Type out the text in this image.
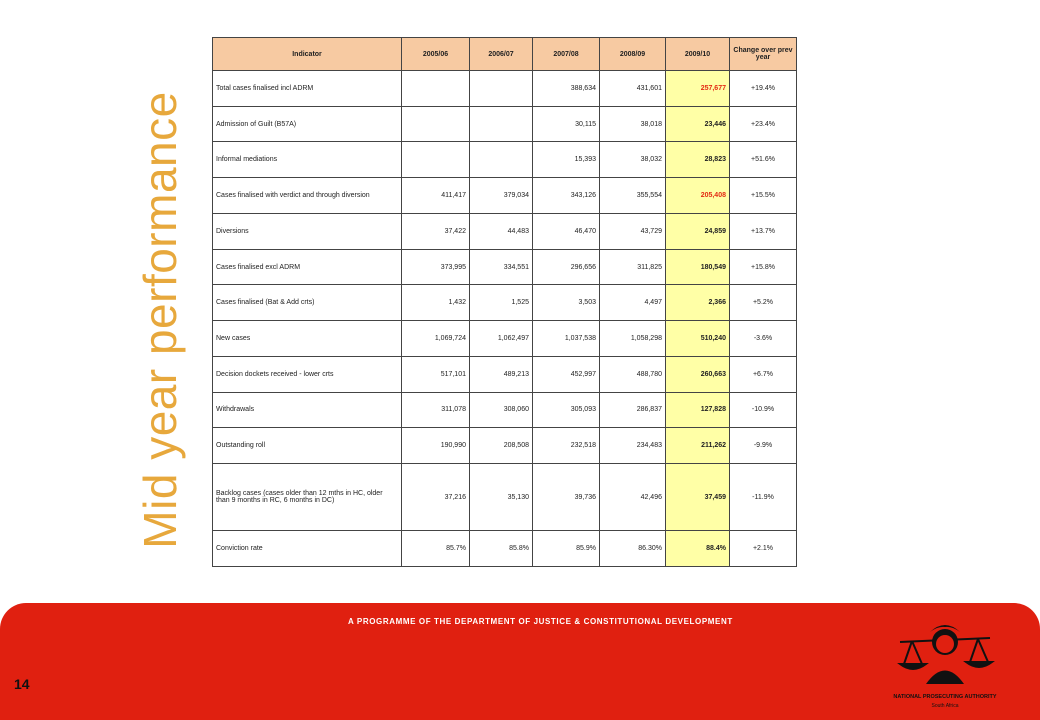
Mid year performance
Indicator	2005/06	2006/07	2007/08	2008/09	2009/10	Change over prev year
Total cases finalised incl ADRM			388,634	431,601	257,677	+19.4%
Admission of Guilt (B57A)			30,115	38,018	23,446	+23.4%
Informal mediations			15,393	38,032	28,823	+51.6%
Cases finalised with verdict and through diversion	411,417	379,034	343,126	355,554	205,408	+15.5%
Diversions	37,422	44,483	46,470	43,729	24,859	+13.7%
Cases finalised excl ADRM	373,995	334,551	296,656	311,825	180,549	+15.8%
Cases finalised (Bat & Add crts)	1,432	1,525	3,503	4,497	2,366	+5.2%
New cases	1,069,724	1,062,497	1,037,538	1,058,298	510,240	-3.6%
Decision dockets received - lower crts	517,101	489,213	452,997	488,780	260,663	+6.7%
Withdrawals	311,078	308,060	305,093	286,837	127,828	-10.9%
Outstanding roll	190,990	208,508	232,518	234,483	211,262	-9.9%
Backlog cases (cases older than 12 mths in HC, older than 9 months in RC, 6 months in DC)	37,216	35,130	39,736	42,496	37,459	-11.9%
Conviction rate	85.7%	85.8%	85.9%	86.30%	88.4%	+2.1%
A PROGRAMME OF THE DEPARTMENT OF JUSTICE & CONSTITUTIONAL DEVELOPMENT
14
NATIONAL PROSECUTING AUTHORITY
South Africa
